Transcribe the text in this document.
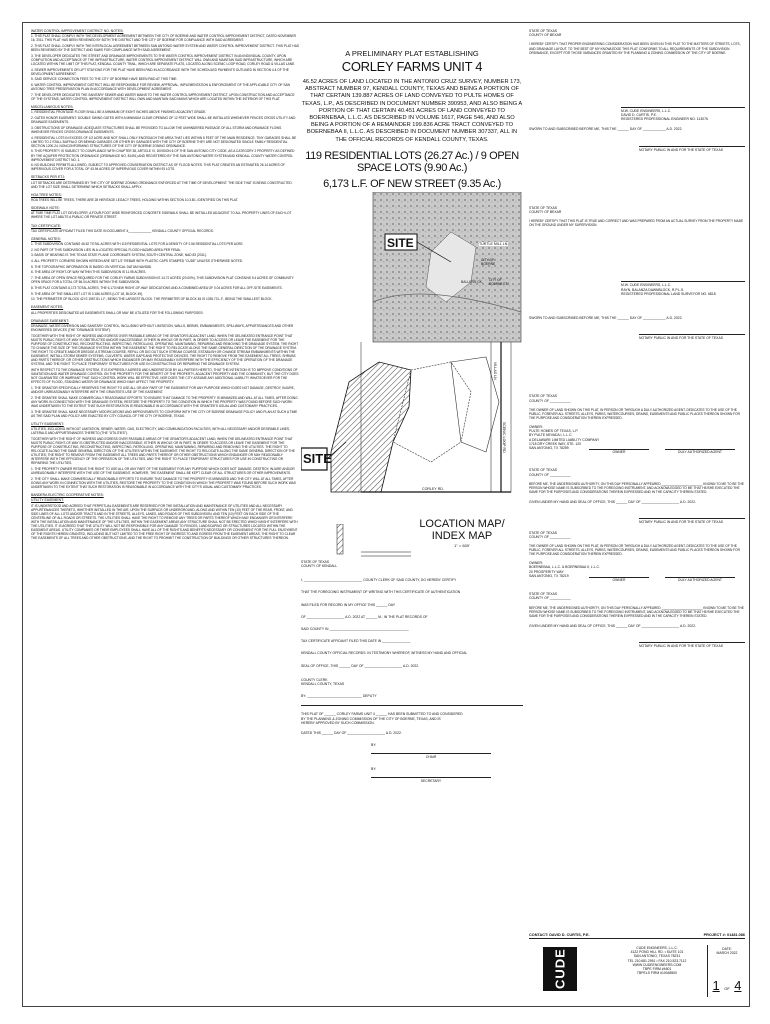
WATER CONTROL IMPROVEMENT DISTRICT NO. NOTES:

1. THIS PLAT SHALL COMPLY WITH THE DEVELOPMENT AGREEMENT BETWEEN THE CITY OF BOERNE AND WATER CONTROL IMPROVEMENT DISTRICT, DATED NOVEMBER 16, 2011. THIS PLAT HAS BEEN REVIEWED BY BOTH THE DISTRICT AND THE CITY OF BOERNE FOR COMPLIANCE WITH SAID AGREEMENT.

2. THIS PLAT SHALL COMPLY WITH THE INTERLOCAL AGREEMENT BETWEEN SAN ANTONIO WATER SYSTEM AND WATER CONTROL IMPROVEMENT DISTRICT. THIS PLAT HAS BEEN REVIEWED BY THE DISTRICT AND SAWS FOR COMPLIANCE WITH SAID AGREEMENT.

3. THE DEVELOPER DEDICATES THE STREET AND DRAINAGE IMPROVEMENTS TO THE WATER CONTROL IMPROVEMENT DISTRICT IN AN INDIVIDUAL COUNTY. UPON COMPLETION AND ACCEPTANCE OF THE INFRASTRUCTURE, WATER CONTROL IMPROVEMENT DISTRICT WILL OWN AND MAINTAIN SAID INFRASTRUCTURE, WHICH ARE LOCATED WITHIN THE LIMIT OF THIS PLAT, KENDALL COUNTY TRAIL, WHICH ARE SEPARATE PLATS, LOCATED ALONG SCENIC LOOP ROAD, CORLEY ROAD & VILLAS LANE.

4. SEWER IMPROVEMENTS OR LIFT STATIONS FOR THE PLAT HAVE BEEN PAID IN ACCORDANCE WITH THE SCHEDULED PAYMENTS OUTLINED IN SECTION 4.4 OF THE DEVELOPMENT AGREEMENT.

5. SAID SERVICE CONNECTION FEES TO THE CITY OF BOERNE HAVE BEEN PAID AT THIS TIME.

6. WATER CONTROL IMPROVEMENT DISTRICT WILL BE RESPONSIBLE FOR REVIEW, APPROVAL, IMPLEMENTATION & ENFORCEMENT OF THE APPLICABLE CITY OF SAN ANTONIO TREE PRESERVATION PLAN IN ACCORDANCE WITH DEVELOPMENT AGREEMENT.

7. THE DEVELOPER DEDICATES THE SANITARY SEWER AND WATER MAINS TO THE WATER CONTROL IMPROVEMENT DISTRICT. UPON CONSTRUCTION AND ACCEPTANCE OF THE SYSTEMS, WATER CONTROL IMPROVEMENT DISTRICT WILL OWN AND MAINTAIN SAID MAINS WHICH ARE LOCATED WITHIN THE INTERIOR OF THIS PLAT.

MISCELLANEOUS NOTES:

1. RESIDENTIAL FRONTAGE FLOOR SHALL BE A MINIMUM OF EIGHT INCHES ABOVE FINISHED ADJACENT GRADE.

2. GATES HONOR EASEMENT: DOUBLE SWING GATES WITH A MINIMUM CLEAR OPENING OF 12 FEET WIDE SHALL BE INSTALLED WHENEVER FENCES CROSS UTILITY AND DRAINAGE EASEMENTS.

3. OBSTRUCTIONS OF DRAINAGE: ADEQUATE STRUCTURES SHALL BE PROVIDED TO ALLOW THE UNHINDERED PASSAGE OF ALL STORM AND DRAINAGE FLOWS WHENEVER FENCES CROSS DRAINAGE EASEMENTS.

4. RESIDENTIAL LOTS IN EXCESS OF 1/2 ACRE AND NOT SHALL ONLY ENCROACH THE AREA THAT LIES WITHIN 5 FEET OF THE MAIN RESIDENCE. TINY GARAGES SHALL BE LIMITED TO 2 STALL BUFFALO OR BEHIND GARAGES OR OTHER BY GARAGES WITH THE CITY OF BOERNE THEY ARE NOT DESIGNATED SINGLE FAMILY RESIDENTIAL SECTION 1200-24, NONCONFORMING STRUCTURES OF THE CITY OF BOERNE ZONING ORDINANCE.

5. THIS PROPERTY IS SUBJECT TO COMPLIANCE WITH CHAPTER 38, ARTICLE VI, DIVISION 6 OF THE SAN ANTONIO CITY CODE, AS A CATEGORY 2 PROPERTY AS DEFINED BY THE AQUIFER PROTECTION ORDINANCE (ORDINANCE NO. 81491) AND REGISTERED BY THE SAN ANTONIO WATER SYSTEM AND KENDALL COUNTY WATER CONTROL IMPROVEMENT DISTRICT NO. 1.

6. NO BUILDING PERMITS ALLOWED, SUBJECT TO APPROVED CONSERVATION DISTRICT AS OF FLOOD NOTES. THIS PLAT CREATES AN ESTIMATED 26.14 ACRES OF IMPERVIOUS COVER FOR A TOTAL OF 43.94 ACRES OF IMPERVIOUS COVER WITHIN 93 LOTS.

SETBACKS PER ETJ:

LOT SETBACKS ARE DETERMINED BY THE CITY OF BOERNE ZONING ORDINANCE ENFORCED AT THE TIME OF DEVELOPMENT. THE SIDE THAT IS BEING CONSTRUCTED AND THE LOT SIZE SHALL DETERMINE WHICH SETBACKS SHALL APPLY.

HOA TREE NOTES:

HOA TREES WILL BE TREES, THERE ARE 28 HERITAGE LEGACY TREES, HOLDING WITHIN SECTION 10.3.B1, IDENTIFIED ON THIS PLAT.

SIDEWALK NOTE:

AT TIME TIME PLAT LOT DEVELOPER, A FOUR-FOOT WIDE REINFORCED CONCRETE SIDEWALK SHALL BE INSTALLED ADJACENT TO ALL PROPERTY LINES OF EACH LOT WHERE THE LOT ABUTS A PUBLIC OR PRIVATE STREET.

TAX CERTIFICATE:

TAX CERTIFICATE AFFIDAVIT FILED THIS DATE IN DOCUMENT #_____________ KENDALL COUNTY OFFICIAL RECORDS.

GENERAL NOTES:

1. THIS SUBDIVISION CONTAINS 46.52 TOTAL ACRES WITH 119 RESIDENTIAL LOTS FOR A DENSITY OF 2.56 RESIDENTIAL LOTS PER ACRE.

2. NO PART OF THIS SUBDIVISION LIES IN A LOCATED SPECIAL FLOOD HAZARD AREA PER FEMA.

3. BASIS OF BEARING IS THE TEXAS STATE PLANE COORDINATE SYSTEM, SOUTH CENTRAL ZONE, NAD 83 (2011).

4. ALL PROPERTY CORNERS SHOWN HEREON ARE SET 1/2" REBAR WITH PLASTIC CAPS STAMPED "CUDE" UNLESS OTHERWISE NOTED.

5. THE TOPOGRAPHIC INFORMATION IS BASED ON VERTICAL DATUM NAVD88.

6. THE AREA OF RIGHT-OF-WAY WITHIN THIS SUBDIVISION IS 11.95 ACRES.

7. THE AREA OF OPEN SPACE REQUIRED FOR THE CORLEY FARMS SUBDIVISION IS 14.72 ACRES (20.00%). THIS SUBDIVISION PLAT CONTAINS 9.4 ACRES OF COMMUNITY OPEN SPACE FOR A TOTAL OF 56.04 ACRES WITHIN THE SUBDIVISION.

8. THIS PLAT CONTAINS 6,173 TOTAL ACRES, THE 6,173 NEW RIGHT-OF-WAY DEDICATIONS AND A COMBINED AREA OF 0.04 ACRES FOR ALL OFF-SITE EASEMENTS.

9. THE AREA OF THE SMALLEST LOT IS 0.186 ACRES (LOT 18, BLOCK 49).

10. THE PERIMETER OF BLOCK 42 IS 1957.81 L.F., BEING THE LARGEST BLOCK. THE PERIMETER OF BLOCK 45 IS 1035.73 L.F., BEING THE SMALLEST BLOCK.

EASEMENT NOTES:

ALL PROPERTIES DESIGNATED AS EASEMENTS SHALL OR MAY BE UTILIZED FOR THE FOLLOWING PURPOSES:

DRAINAGE EASEMENT:

DRAINAGE, WATER DIVERSION AND SANITARY CONTROL, INCLUDING WITHOUT LIMITATION, WALLS, BERMS, EMBANKMENTS, SPILLWAYS, APPURTENANCES AND OTHER ENGINEERED DEVICES (THE "DRAINAGE SYSTEM").

TOGETHER WITH THE RIGHT OF INGRESS AND EGRESS OVER PASSABLE AREAS OF THE GRANTOR'S ADJACENT LAND, WHEN THE DELINEATED ENTRANCE POINT THAT MUSTS PUBLIC RIGHT-OF-WAY IS OBSTRUCTED AND/OR INACCESSIBLE, EITHER IN WHOLE OR IN PART, IN ORDER TO ACCESS OR LEAVE THE EASEMENT FOR THE PURPOSE OF CONSTRUCTING, RECONSTRUCTING, INSPECTING, PATROLLING, OPERATING, MAINTAINING, REPAIRING AND REMOVING THE DRAINAGE SYSTEM. THE RIGHT TO CHANGE THE SIZE OF THE DRAINAGE SYSTEM WITHIN THE EASEMENT. THE RIGHT TO RELOCATE ALONG THE SAME GENERAL DIRECTION OF THE DRAINAGE SYSTEM. THE RIGHT TO CREATE AND/OR DREDGE A STREAM COURSE, REFILL OR DIG OUT SUCH STREAM COURSE, ESTABLISH OR CHANGE STREAM EMBANKMENTS WITHIN THE EASEMENT, INSTALL STORM SEWER SYSTEMS, CULVERTS, WATER GAPS AND PROTECTIVE DEVICES. THE RIGHT TO REMOVE FROM THE EASEMENT ALL TREES, SHRUBS AND PARTS THEREOF, OR OTHER OBSTRUCTIONS WHICH ENDANGER OR MAY REASONABLY INTERFERE WITH THE EFFICIENCY OF THE OPERATION OF THE DRAINAGE SYSTEM, AND THE RIGHT TO PLACE TEMPORARY STRUCTURES FOR USE IN CONSTRUCTING OR REPAIRING THE DRAINAGE SYSTEM.

WITH RESPECT TO THE DRAINAGE SYSTEM, IT IS EXPRESSLY AGREED AND UNDERSTOOD BY ALL PARTIES HERETO, THAT THE INTENTION IS TO IMPROVE CONDITIONS OF SANITATION AND WATER DRAINAGE CONTROL ON THE PROPERTY FOR THE BENEFIT OF THE PROPERTY, ADJACENT PROPERTY AND THE COMMUNITY, BUT THE CITY DOES NOT GUARANTEE OR WARRANT THAT SUCH CONTROL WORK WILL BE EFFECTIVE, NOR DOES THE CITY ASSUME ANY ADDITIONAL LIABILITY WHATSOEVER FOR THE EFFECTS OF FLOOD, STANDING WATER OR DRAINAGE WHICH MAY AFFECT THE PROPERTY.

1. THE GRANTOR SPECIFICALLY RESERVES THE RIGHT TO USE ALL OR ANY PART OF THE EASEMENT FOR ANY PURPOSE WHICH DOES NOT DAMAGE, DESTROY, INJURE, AND/OR UNREASONABLY INTERFERE WITH THE GRANTEE'S USE OF THE EASEMENT.

2. THE GRANTEE SHALL MAKE COMMERCIALLY REASONABLE EFFORTS TO ENSURE THAT DAMAGE TO THE PROPERTY IS MINIMIZED AND WILL AT ALL TIMES, AFTER DOING ANY WORK IN CONNECTION WITH THE DRAINAGE SYSTEM, RESTORE THE PROPERTY TO THE CONDITION IN WHICH THE PROPERTY WAS FOUND BEFORE SUCH WORK WAS UNDERTAKEN TO THE EXTENT THAT SUCH RESTORATION IS REASONABLE IN ACCORDANCE WITH THE GRANTEE'S USUAL AND CUSTOMARY PRACTICES.

3. THE GRANTEE SHALL MAKE NECESSARY MODIFICATIONS AND IMPROVEMENTS TO CONFORM WITH THE CITY OF BOERNE DRAINAGE POLICY AND PLAN AT SUCH A TIME AS THE SAID PLAN AND POLICY ARE ENACTED BY CITY COUNCIL OF THE CITY OF BOERNE, TEXAS.

UTILITY EASEMENT:

UTILITIES, INCLUDING WITHOUT LIMITATION, SEWER, WATER, GAS, ELECTRICITY, AND COMMUNICATION FACILITIES, WITH ALL NECESSARY AND/OR DESIRABLE LINES, LATERALS AND APPURTENANCES THERETO (THE "UTILITIES").

TOGETHER WITH THE RIGHT OF INGRESS AND EGRESS OVER PASSABLE AREAS OF THE GRANTOR'S ADJACENT LAND, WHEN THE DELINEATED ENTRANCE POINT THAT MUSTS PUBLIC RIGHT-OF-WAY IS OBSTRUCTED AND/OR INACCESSIBLE, EITHER IN WHOLE OR IN PART, IN ORDER TO ACCESS OR LEAVE THE EASEMENT FOR THE PURPOSE OF CONSTRUCTING, RECONSTRUCTING, INSPECTING, PATROLLING, OPERATING, MAINTAINING, REPAIRING AND REMOVING THE UTILITIES. THE RIGHT TO RELOCATE ALONG THE SAME GENERAL DIRECTION OF THE UTILITIES WITHIN THE EASEMENT. THE RIGHT TO RELOCATE ALONG THE SAME GENERAL DIRECTION OF THE UTILITIES; THE RIGHT TO REMOVE FROM THE EASEMENT ALL TREES AND PARTS THEREOF OR OTHER OBSTRUCTIONS WHICH ENDANGER OR MAY REASONABLY INTERFERE WITH THE EFFICIENCY OF THE OPERATION OF THE UTILITIES, AND THE RIGHT TO PLACE TEMPORARY STRUCTURES FOR USE IN CONSTRUCTING OR REPAIRING THE UTILITIES.

1. THE PROPERTY OWNER RETAINS THE RIGHT TO USE ALL OR ANY PART OF THE EASEMENT FOR ANY PURPOSE WHICH DOES NOT DAMAGE, DESTROY, INJURE AND/OR UNREASONABLY INTERFERE WITH THE USE OF THE EASEMENT. HOWEVER, THE EASEMENT SHALL BE KEPT CLEAR OF ALL STRUCTURES OR OTHER IMPROVEMENTS.

2. THE CITY SHALL MAKE COMMERCIALLY REASONABLE EFFORTS TO ENSURE THAT DAMAGE TO THE PROPERTY IS MINIMIZED AND THE CITY WILL AT ALL TIMES, AFTER DOING ANY WORK IN CONNECTION WITH THE UTILITIES, RESTORE THE PROPERTY TO THE CONDITION IN WHICH THE PROPERTY WAS FOUND BEFORE SUCH WORK WAS UNDERTAKEN TO THE EXTENT THAT SUCH RESTORATION IS REASONABLE IN ACCORDANCE WITH THE CITY'S USUAL AND CUSTOMARY PRACTICES.

BANDERA ELECTRIC COOPERATIVE NOTES:

UTILITY EASEMENT:

IT IS UNDERSTOOD AND AGREED THAT PERPETUAL EASEMENTS ARE RESERVED FOR THE INSTALLATION AND MAINTENANCE OF UTILITIES AND ALL NECESSARY APPURTENANCES THERETO, WHETHER INSTALLED IN THE AIR, UPON THE SURFACE OR UNDERGROUND, ALONG AND WITHIN TEN (10) FEET OF THE REAR, FRONT, AND SIDE LINES OF ALL LOTS AND/OR TRACTS AND IN THE STREETS, ALLEYS, LANES, AND ROADS OF THIS SUBDIVISION, AND TEN (10) FEET ON EACH SIDE OF THE CENTERLINE OF ALL ROADS OR STREETS. THE UTILITIES SHALL HAVE THE RIGHT TO REMOVE ANY TREES OR PARTS THEREOF WHICH MAY ENDANGER OR INTERFERE WITH THE INSTALLATION AND MAINTENANCE OF THE UTILITIES. WITHIN THE EASEMENT AREAS ANY STRUCTURE SHALL NOT BE ERECTED WHICH MIGHT INTERFERE WITH THE UTILITIES. IT IS AGREED THAT THE UTILITY WILL NOT BE RESPONSIBLE FOR ANY DAMAGE TO FENCES, LANDSCAPING OR STRUCTURES LOCATED WITHIN THE EASEMENT AREAS. UTILITY COMPANIES OR THEIR EMPLOYEES SHALL HAVE ALL OF THE RIGHTS AND BENEFITS NECESSARY OR CONVENIENT FOR THE FULL ENJOYMENT OF THE RIGHTS HEREIN GRANTED, INCLUDING BUT NOT LIMITED TO THE FREE RIGHT OF INGRESS TO AND EGRESS FROM THE EASEMENT AREAS, THE RIGHT TO CLEAR THE EASEMENTS OF ALL TREES AND OTHER OBSTRUCTIONS, AND THE RIGHT TO PROHIBIT THE CONSTRUCTION OF BUILDINGS OR OTHER STRUCTURES THEREON.

A PRELIMINARY PLAT ESTABLISHING

CORLEY FARMS UNIT 4

46.52 ACRES OF LAND LOCATED IN THE ANTONIO CRUZ SURVEY, NUMBER 173, ABSTRACT NUMBER 97, KENDALL COUNTY, TEXAS AND BEING A PORTION OF THAT CERTAIN 139.887 ACRES OF LAND CONVEYED TO PULTE HOMES OF TEXAS, L.P., AS DESCRIBED IN DOCUMENT NUMBER 390953, AND ALSO BEING A PORTION OF THAT CERTAIN 40.451 ACRES OF LAND CONVEYED TO BOERNEBAA, L.L.C. AS DESCRIBED IN VOLUME 1617, PAGE 546, AND ALSO BEING A PORTION OF A REMAINDER 199.836 ACRE TRACT CONVEYED TO BOERNEBAA II, L.L.C. AS DESCRIBED IN DOCUMENT NUMBER 307337, ALL IN THE OFFICIAL RECORDS OF KENDALL COUNTY, TEXAS.

119 RESIDENTIAL LOTS (26.27 Ac.) / 9 OPEN SPACE LOTS (9.90 Ac.)

6,173 L.F. OF NEW STREET (9.35 Ac.)

SITE
SITE
TURTLE MILL LN.
CITY OF BOERNE
BALLERS CK. CITY OF BOERNE ETJ
VILLAS LN.
CORLEY RD.
SCENIC LOOP RD.

LOCATION MAP/

INDEX MAP

1" = 600'

STATE OF TEXAS

COUNTY OF KENDALL

I, _______________________________ COUNTY CLERK OF SAID COUNTY, DO HEREBY CERTIFY

THAT THE FOREGOING INSTRUMENT OF WRITING WITH THIS CERTIFICATE OF AUTHENTICATION

WAS FILED FOR RECORD IN MY OFFICE THIS ______ DAY

OF ____________________ A.D. 2022 AT ______ M., IN THE PLAT RECORDS OF

SAID COUNTY IN __________________________________________

TAX CERTIFICATE AFFIDAVIT FILED THIS DATE IN _______________

KENDALL COUNTY OFFICIAL RECORDS. IN TESTIMONY WHEREOF, WITNESS MY HAND AND OFFICIAL

SEAL OF OFFICE, THIS ______ DAY OF ____________________ A.D. 2022.

COUNTY CLERK

KENDALL COUNTY, TEXAS

BY: _____________________________ DEPUTY

THIS PLAT OF ______ CORLEY FARMS UNIT 4 ______ HAS BEEN SUBMITTED TO AND CONSIDERED

BY THE PLANNING & ZONING COMMISSION OF THE CITY OF BOERNE, TEXAS, AND IS

HEREBY APPROVED BY SUCH COMMISSION.

DATED THIS ______ DAY OF ____________________ A.D. 2022.

BY:

CHAIR

BY:

SECRETARY

STATE OF TEXAS

COUNTY OF BEXAR

I HEREBY CERTIFY THAT PROPER ENGINEERING CONSIDERATION HAS BEEN GIVEN IN THIS PLAT TO THE MATTERS OF STREETS, LOTS, AND DRAINAGE LAYOUT. TO THE BEST OF MY KNOWLEDGE THIS PLAT CONFORMS TO ALL REQUIREMENTS OF THE SUBDIVISION ORDINANCE, EXCEPT FOR THOSE VARIANCES GRANTED BY THE PLANNING & ZONING COMMISSION OF THE CITY OF BOERNE.

M.W. CUDE ENGINEERS, L.L.C.

DAVID D. CURTIS, P.E.

REGISTERED PROFESSIONAL ENGINEER NO. 113076

SWORN TO AND SUBSCRIBED BEFORE ME, THIS THE ______ DAY OF ____________ A.D. 2022.

NOTARY PUBLIC IN AND FOR THE STATE OF TEXAS

STATE OF TEXAS

COUNTY OF BEXAR

I HEREBY CERTIFY THAT THIS PLAT IS TRUE AND CORRECT AND WAS PREPARED FROM AN ACTUAL SURVEY FROM THE PROPERTY MADE ON THE GROUND UNDER MY SUPERVISION.

M.W. CUDE ENGINEERS, L.L.C.

RAYN, BALANZA DAWNBLOCK, R.P.L.S.

REGISTERED PROFESSIONAL LAND SURVEYOR NO. 6818

SWORN TO AND SUBSCRIBED BEFORE ME, THIS THE ______ DAY OF ____________ A.D. 2022.

NOTARY PUBLIC IN AND FOR THE STATE OF TEXAS

STATE OF TEXAS

COUNTY OF ___________

THE OWNER OF LAND SHOWN ON THIS PLAT, IN PERSON OR THROUGH A DULY AUTHORIZED AGENT, DEDICATES TO THE USE OF THE PUBLIC, FOREVER ALL STREETS, ALLEYS, PARKS, WATERCOURSES, DRAINS, EASEMENTS AND PUBLIC PLACES THEREON SHOWN FOR THE PURPOSE AND CONSIDERATION THEREIN EXPRESSED.

OWNER:

PULTE HOMES OF TEXAS, L.P.

BY PULTE NEVADA I, L.L.C.

A DELAWARE LIMITED LIABILITY COMPANY

1718 DRY CREEK WAY, STE. 120

SAN ANTONIO, TX 78259

OWNER	DULY AUTHORIZED AGENT

STATE OF TEXAS

COUNTY OF ___________

BEFORE ME, THE UNDERSIGNED AUTHORITY, ON THIS DAY PERSONALLY APPEARED _______________________ KNOWN TO ME TO BE THE PERSON WHOSE NAME IS SUBSCRIBED TO THE FOREGOING INSTRUMENT, AND ACKNOWLEDGED TO ME THAT HE/SHE EXECUTED THE SAME FOR THE PURPOSES AND CONSIDERATIONS THEREIN EXPRESSED AND IN THE CAPACITY THEREIN STATED.

GIVEN UNDER MY HAND AND SEAL OF OFFICE, THIS ______ DAY OF ____________________ A.D. 2022.

NOTARY PUBLIC IN AND FOR THE STATE OF TEXAS

STATE OF TEXAS

COUNTY OF ___________

THE OWNER OF LAND SHOWN ON THIS PLAT, IN PERSON OR THROUGH A DULY AUTHORIZED AGENT, DEDICATES TO THE USE OF THE PUBLIC, FOREVER ALL STREETS, ALLEYS, PARKS, WATERCOURSES, DRAINS, EASEMENTS AND PUBLIC PLACES THEREON SHOWN FOR THE PURPOSE AND CONSIDERATION THEREIN EXPRESSED.

OWNER:

BOERNEBAA, L.L.C. & BOERNEBAA II, L.L.C.

20 PROSPERITY WAY

SAN ANTONIO, TX 78219

OWNER	DULY AUTHORIZED AGENT

STATE OF TEXAS

COUNTY OF ___________

BEFORE ME, THE UNDERSIGNED AUTHORITY, ON THIS DAY PERSONALLY APPEARED _______________________ KNOWN TO ME TO BE THE PERSON WHOSE NAME IS SUBSCRIBED TO THE FOREGOING INSTRUMENT, AND ACKNOWLEDGED TO ME THAT HE/SHE EXECUTED THE SAME FOR THE PURPOSES AND CONSIDERATIONS THEREIN EXPRESSED AND IN THE CAPACITY THEREIN STATED.

GIVEN UNDER MY HAND AND SEAL OF OFFICE, THIS ______ DAY OF ____________________ A.D. 2022.

NOTARY PUBLIC IN AND FOR THE STATE OF TEXAS

CONTACT: DAVID D. CURTIS, P.E.	PROJECT #: 01481.086
CUDE

CUDE ENGINEERS, L.L.C.

4122 POND HILL RD. • SUITE 101

SAN ANTONIO, TEXAS 78231

TEL 210.681.2951 • FAX 210.523.7112

WWW.CUDEENGINEERS.COM

TBPE FIRM #4601

TBPELS FIRM #10048500

DATE:

MARCH 2022

1 OF 4
